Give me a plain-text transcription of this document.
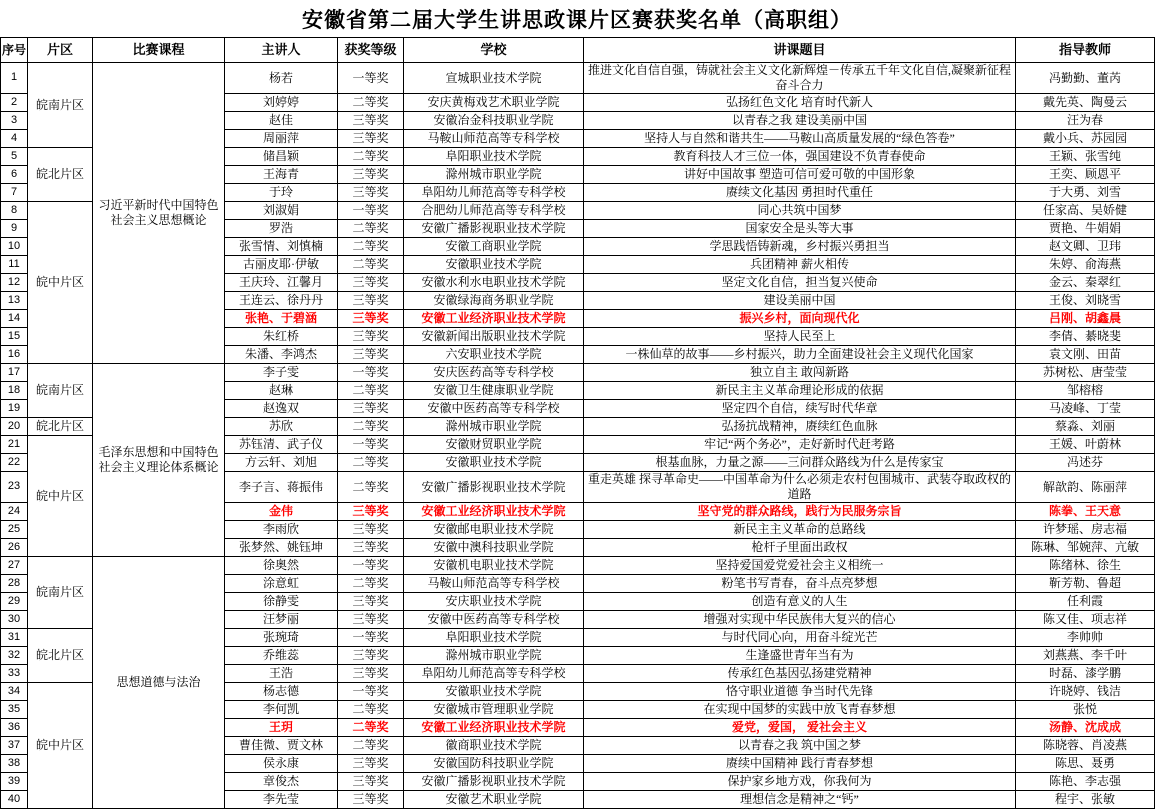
安徽省第二届大学生讲思政课片区赛获奖名单（高职组）
序号	片区	比赛课程	主讲人	获奖等级	学校	讲课题目	指导教师
1	皖南片区	习近平新时代中国特色社会主义思想概论	杨若	一等奖	宣城职业技术学院	推进文化自信自强，铸就社会主义文化新辉煌－传承五千年文化自信,凝聚新征程奋斗合力	冯勤勤、董芮
2			刘婷婷	二等奖	安庆黄梅戏艺术职业学院	弘扬红色文化 培育时代新人	戴先英、陶曼云
3			赵佳	三等奖	安徽冶金科技职业学院	以青春之我 建设美丽中国	汪为春
4			周丽萍	三等奖	马鞍山师范高等专科学校	坚持人与自然和谐共生——马鞍山高质量发展的“绿色答卷”	戴小兵、苏园园
5	皖北片区		储昌颖	二等奖	阜阳职业技术学院	教育科技人才三位一体，强国建设不负青春使命	王颖、张雪纯
6			王海青	三等奖	滁州城市职业学院	讲好中国故事 塑造可信可爱可敬的中国形象	王奕、顾恩平
7			于玲	三等奖	阜阳幼儿师范高等专科学校	赓续文化基因 勇担时代重任	于大勇、刘雪
8	皖中片区		刘淑娟	一等奖	合肥幼儿师范高等专科学校	同心共筑中国梦	任家高、吴娇健
9			罗浩	二等奖	安徽广播影视职业技术学院	国家安全是头等大事	贾艳、牛娟娟
10			张雪情、刘慎楠	二等奖	安徽工商职业学院	学思践悟铸新魂，乡村振兴勇担当	赵文卿、卫玮
11			古丽皮耶·伊敏	二等奖	安徽职业技术学院	兵团精神 薪火相传	朱婷、俞海燕
12			王庆玲、江馨月	三等奖	安徽水利水电职业技术学院	坚定文化自信，担当复兴使命	金云、秦翠红
13			王连云、徐丹丹	三等奖	安徽绿海商务职业学院	建设美丽中国	王俊、刘晓雪
14			张艳、于碧涵	三等奖	安徽工业经济职业技术学院	振兴乡村，面向现代化	吕刚、胡鑫晨
15			朱红桥	三等奖	安徽新闻出版职业技术学院	坚持人民至上	李倩、綦晓斐
16			朱潘、李鸿杰	三等奖	六安职业技术学院	一株仙草的故事——乡村振兴，助力全面建设社会主义现代化国家	袁文刚、田苗
17	皖南片区	毛泽东思想和中国特色社会主义理论体系概论	李子雯	一等奖	安庆医药高等专科学校	独立自主 敢闯新路	苏树松、唐莹莹
18			赵琳	二等奖	安徽卫生健康职业学院	新民主主义革命理论形成的依据	邹榕榕
19			赵逸双	三等奖	安徽中医药高等专科学校	坚定四个自信，续写时代华章	马凌峰、丁莹
20	皖北片区		苏欣	二等奖	滁州城市职业学院	弘扬抗战精神，赓续红色血脉	蔡淼、刘丽
21	皖中片区		苏钰清、武子仪	一等奖	安徽财贸职业学院	牢记“两个务必”，走好新时代赶考路	王媛、叶蔚林
22			方云轩、刘旭	二等奖	安徽职业技术学院	根基血脉，力量之源——三问群众路线为什么是传家宝	冯述芬
23			李子言、蒋振伟	二等奖	安徽广播影视职业技术学院	重走英雄 探寻革命史——中国革命为什么必须走农村包围城市、武装夺取政权的道路	解歆韵、陈丽萍
24			金伟	三等奖	安徽工业经济职业技术学院	坚守党的群众路线，践行为民服务宗旨	陈拳、王天意
25			李雨欣	三等奖	安徽邮电职业技术学院	新民主主义革命的总路线	许梦瑶、房志福
26			张梦然、姚钰坤	三等奖	安徽中澳科技职业学院	枪杆子里面出政权	陈琳、邹婉萍、亢敏
27	皖南片区	思想道德与法治	徐奥然	一等奖	安徽机电职业技术学院	坚持爱国爱党爱社会主义相统一	陈绪林、徐生
28			涂意虹	二等奖	马鞍山师范高等专科学校	粉笔书写青春，奋斗点亮梦想	靳芳勒、鲁超
29			徐静雯	三等奖	安庆职业技术学院	创造有意义的人生	任利霞
30			汪梦丽	三等奖	安徽中医药高等专科学校	增强对实现中华民族伟大复兴的信心	陈又佳、项志祥
31	皖北片区		张琬琦	一等奖	阜阳职业技术学院	与时代同心向，用奋斗绽光芒	李帅帅
32			乔维蕊	三等奖	滁州城市职业学院	生逢盛世青年当有为	刘燕燕、李千叶
33			王浩	三等奖	阜阳幼儿师范高等专科学校	传承红色基因弘扬建党精神	时磊、漆学鹏
34	皖中片区		杨志德	一等奖	安徽职业技术学院	恪守职业道德 争当时代先锋	许晓婷、钱洁
35			李何凯	二等奖	安徽城市管理职业学院	在实现中国梦的实践中放飞青春梦想	张悦
36			王玥	二等奖	安徽工业经济职业技术学院	爱党，爱国， 爱社会主义	汤静、沈成成
37			曹佳微、贾文林	二等奖	徽商职业技术学院	以青春之我 筑中国之梦	陈晓蓉、肖凌燕
38			侯永康	三等奖	安徽国防科技职业学院	赓续中国精神 践行青春梦想	陈思、聂勇
39			章俊杰	三等奖	安徽广播影视职业技术学院	保护家乡地方戏，你我何为	陈艳、李志强
40			李先莹	三等奖	安徽艺术职业学院	理想信念是精神之“钙”	程宇、张敏
